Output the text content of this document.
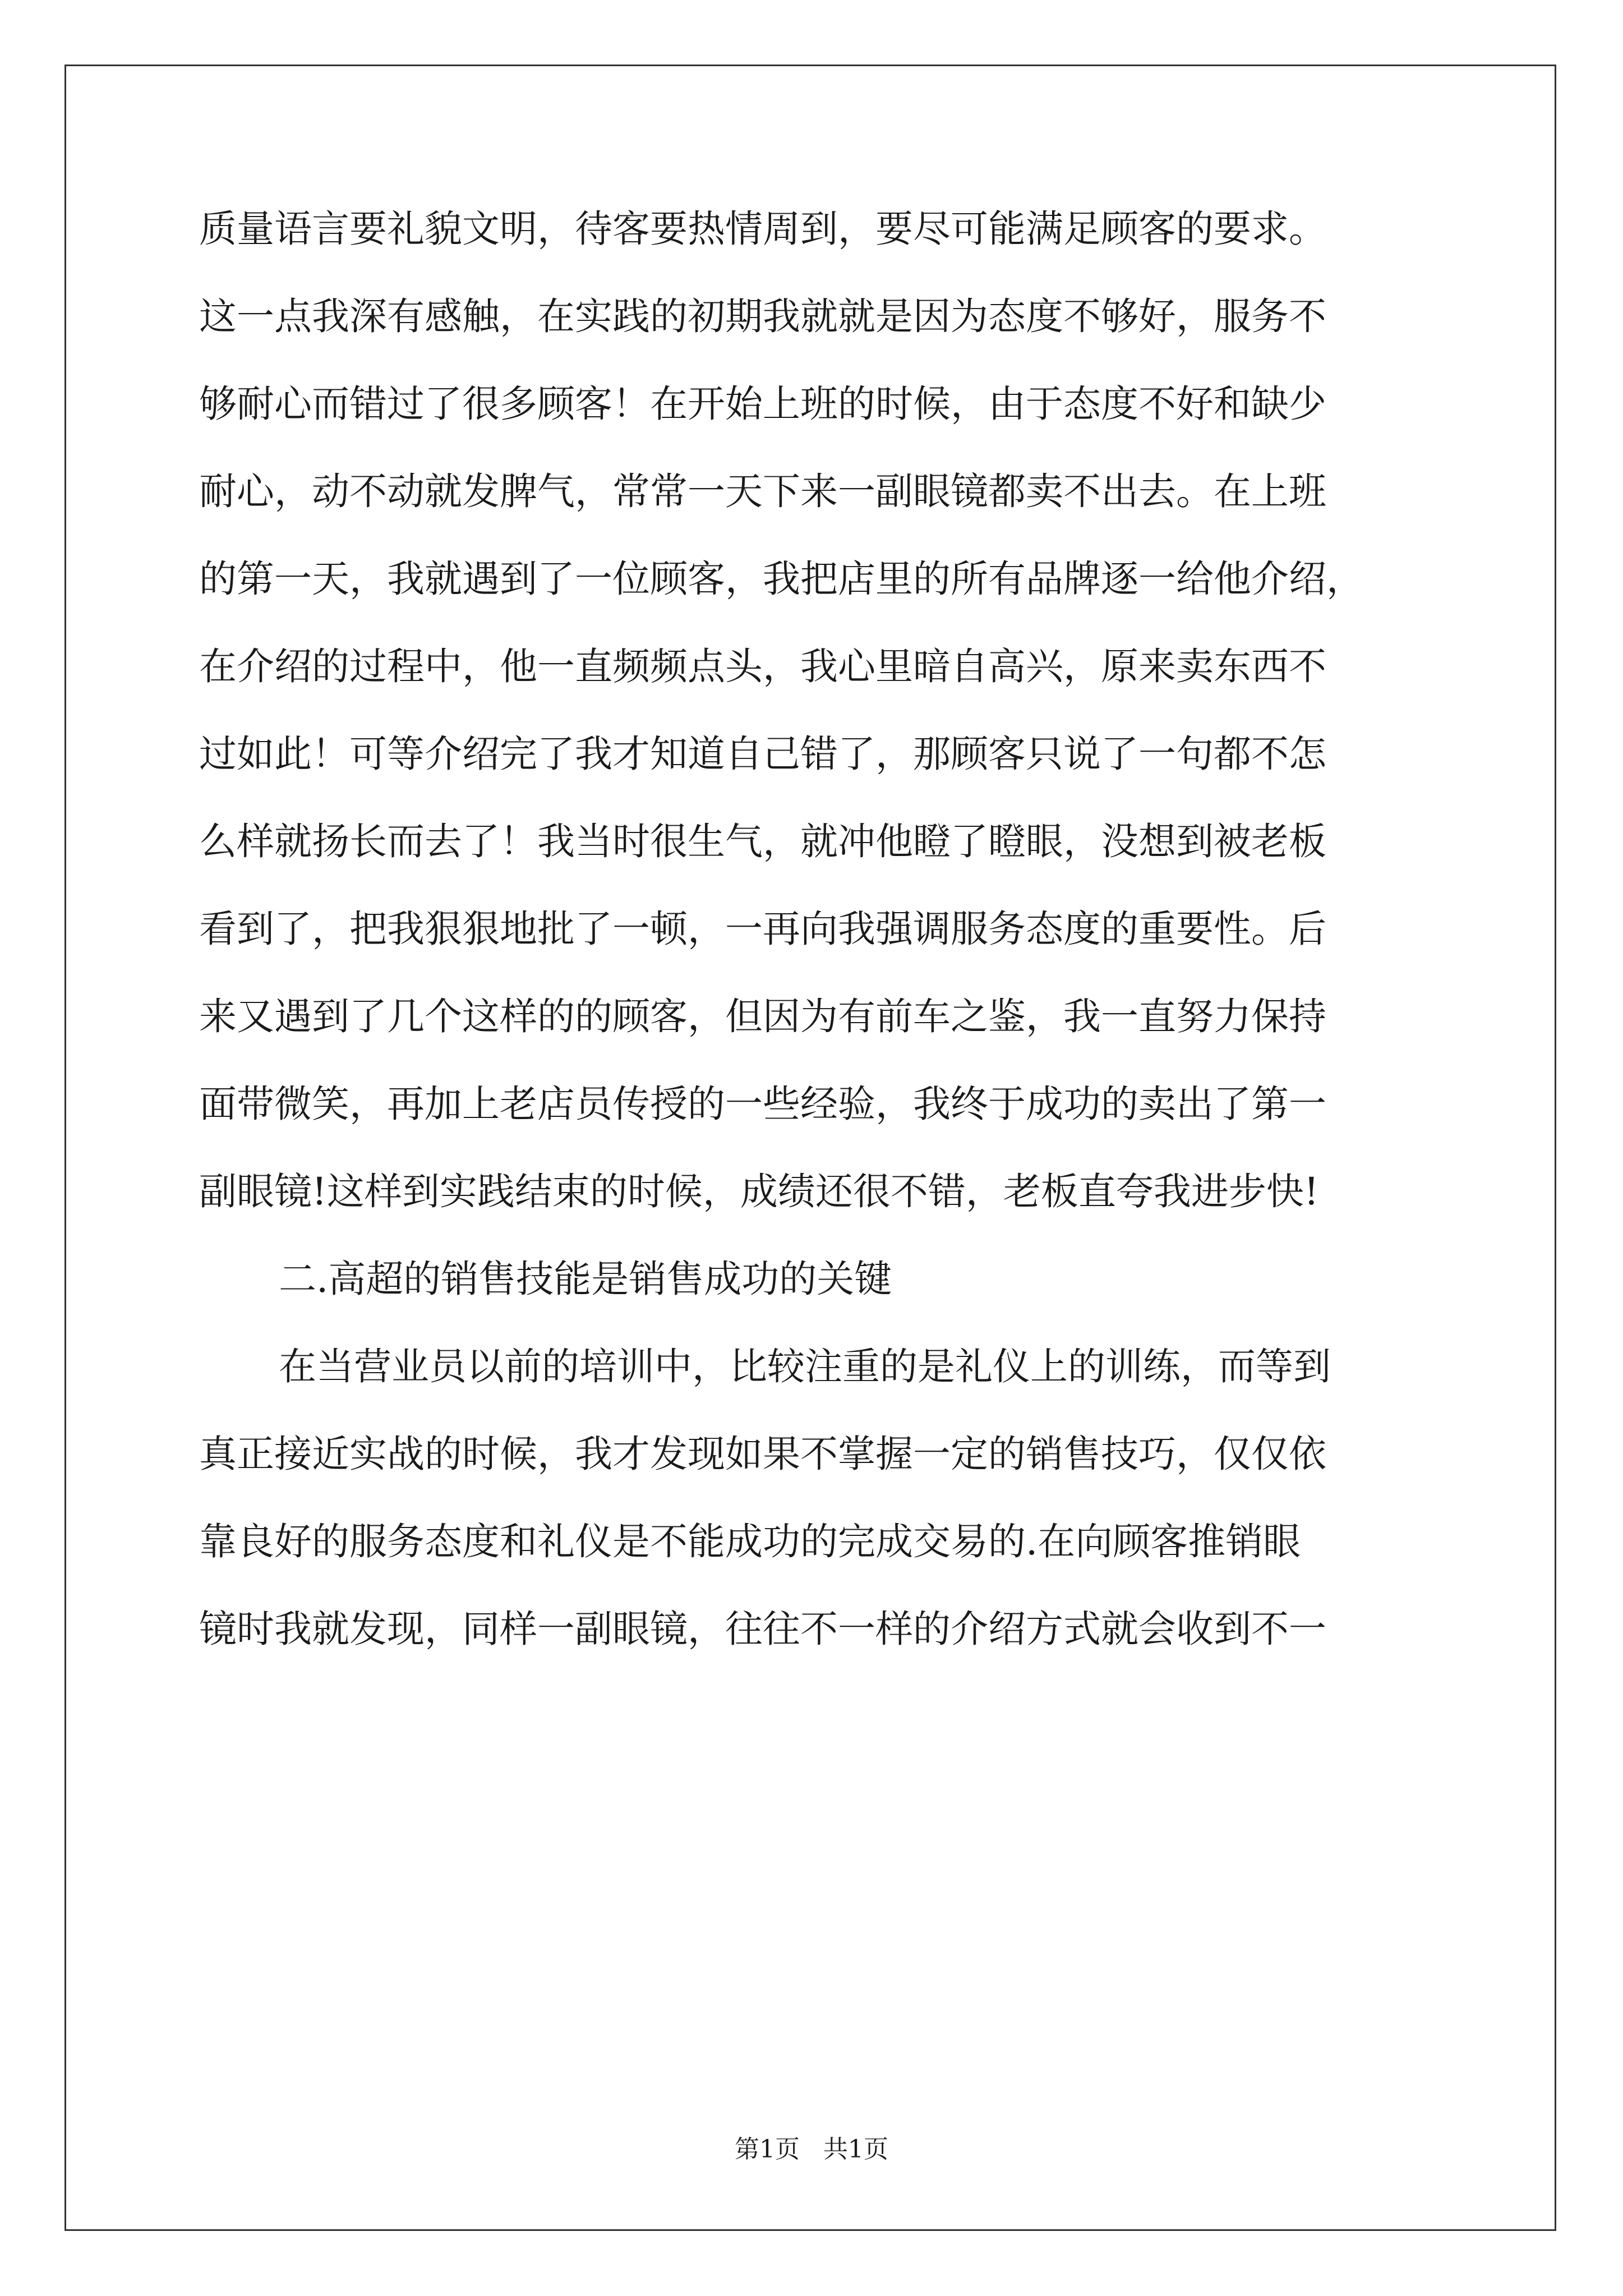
质量语言要礼貌文明，待客要热情周到，要尽可能满足顾客的要求。
这一点我深有感触，在实践的初期我就就是因为态度不够好，服务不
够耐心而错过了很多顾客！在开始上班的时候，由于态度不好和缺少
耐心，动不动就发脾气，常常一天下来一副眼镜都卖不出去。在上班
的第一天，我就遇到了一位顾客，我把店里的所有品牌逐一给他介绍，
在介绍的过程中，他一直频频点头，我心里暗自高兴，原来卖东西不
过如此！可等介绍完了我才知道自己错了，那顾客只说了一句都不怎
么样就扬长而去了！我当时很生气，就冲他瞪了瞪眼，没想到被老板
看到了，把我狠狠地批了一顿，一再向我强调服务态度的重要性。后
来又遇到了几个这样的的顾客，但因为有前车之鉴，我一直努力保持
面带微笑，再加上老店员传授的一些经验，我终于成功的卖出了第一
副眼镜!这样到实践结束的时候，成绩还很不错，老板直夸我进步快!
二.高超的销售技能是销售成功的关键
在当营业员以前的培训中，比较注重的是礼仪上的训练，而等到
真正接近实战的时候，我才发现如果不掌握一定的销售技巧，仅仅依
靠良好的服务态度和礼仪是不能成功的完成交易的.在向顾客推销眼
镜时我就发现，同样一副眼镜，往往不一样的介绍方式就会收到不一
第1页   共1页
